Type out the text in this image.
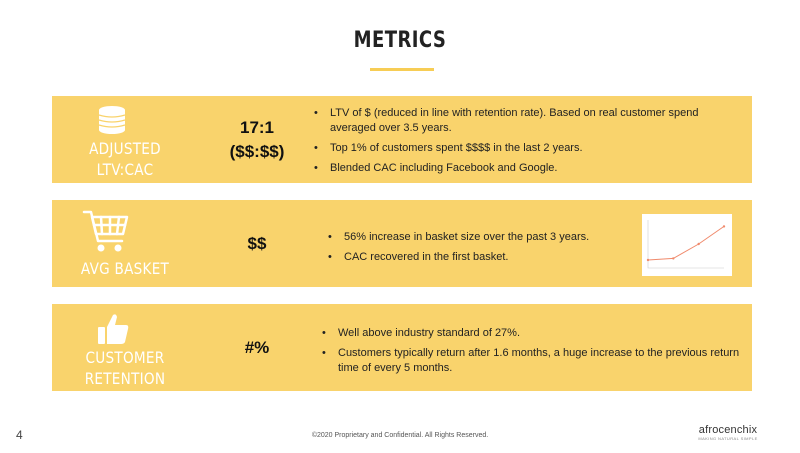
METRICS
ADJUSTED
LTV:CAC
17:1
($$:$$)
• LTV of $ (reduced in line with retention rate). Based on real customer spend averaged over 3.5 years.
• Top 1% of customers spent $$$$ in the last 2 years.
• Blended CAC including Facebook and Google.
AVG BASKET
$$
•	56% increase in basket size over the past 3 years.
• CAC recovered in the first basket.
CUSTOMER
RETENTION
#%
• Well above industry standard of 27%.
• Customers typically return after 1.6 months, a huge increase to the previous return time of every 5 months.
4	©2020 Proprietary and Confidential. All Rights Reserved.	afrocenchix
MAKING NATURAL SIMPLE
